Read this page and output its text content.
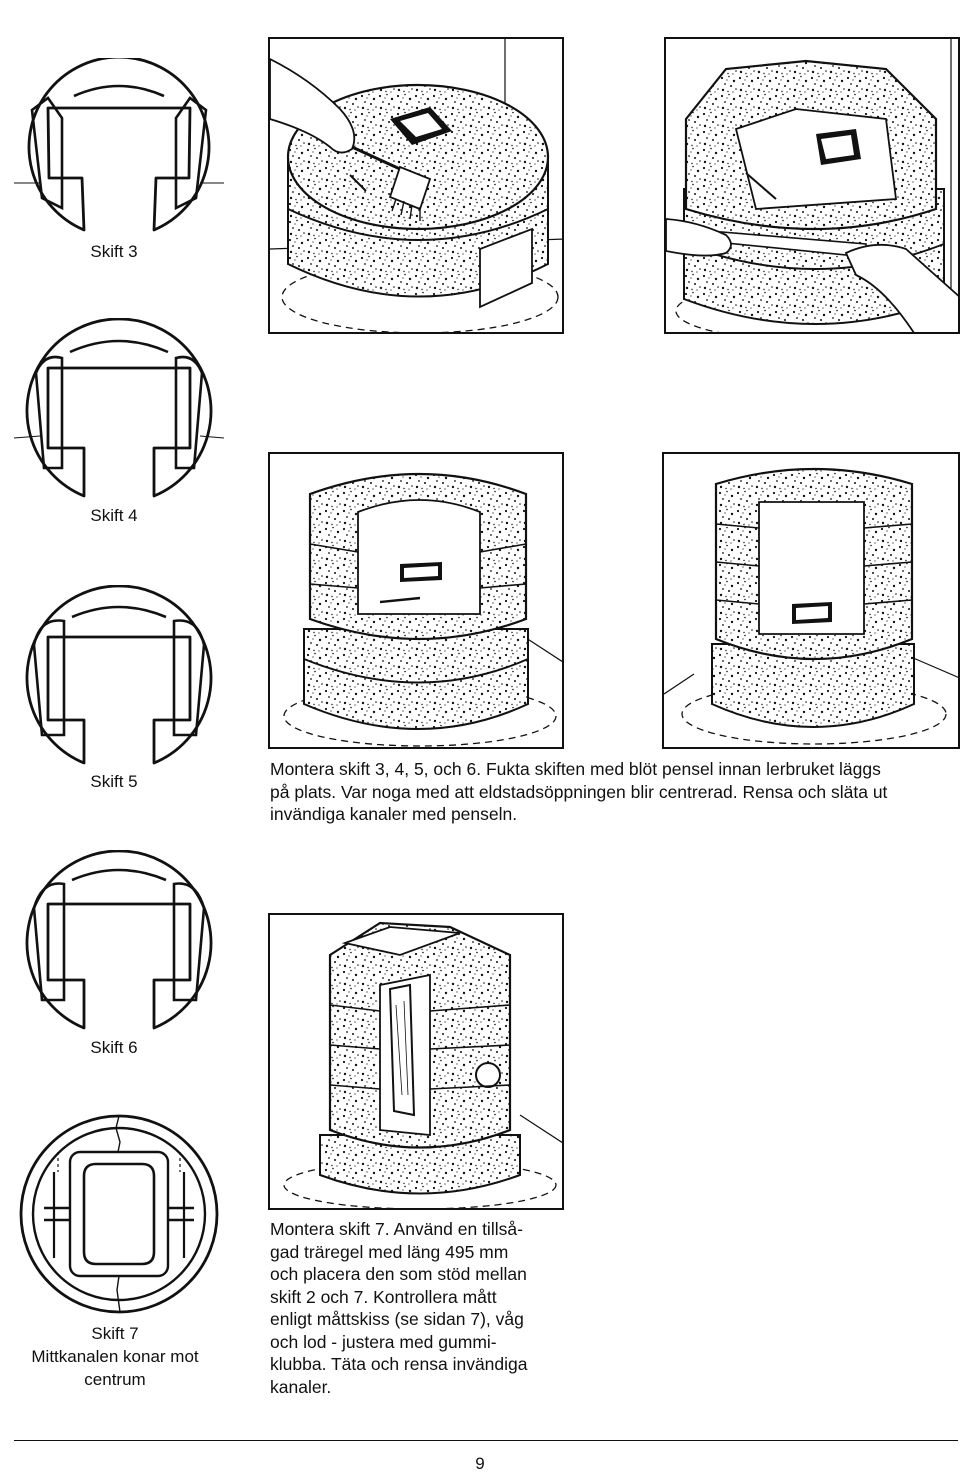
Skift 3
Skift 4
Skift 5
Skift 6
Skift 7
Mittkanalen konar mot
centrum
Montera skift 3, 4, 5, och 6. Fukta skiften med blöt pensel innan lerbruket läggs
på plats. Var noga med att eldstadsöppningen blir centrerad. Rensa och släta ut
invändiga kanaler med penseln.
Montera skift 7. Använd en tillså-
gad träregel med läng 495 mm
och placera den som stöd mellan
skift 2 och 7. Kontrollera mått
enligt måttskiss (se sidan 7), våg
och lod - justera med gummi-
klubba. Täta och rensa invändiga
kanaler.
9
